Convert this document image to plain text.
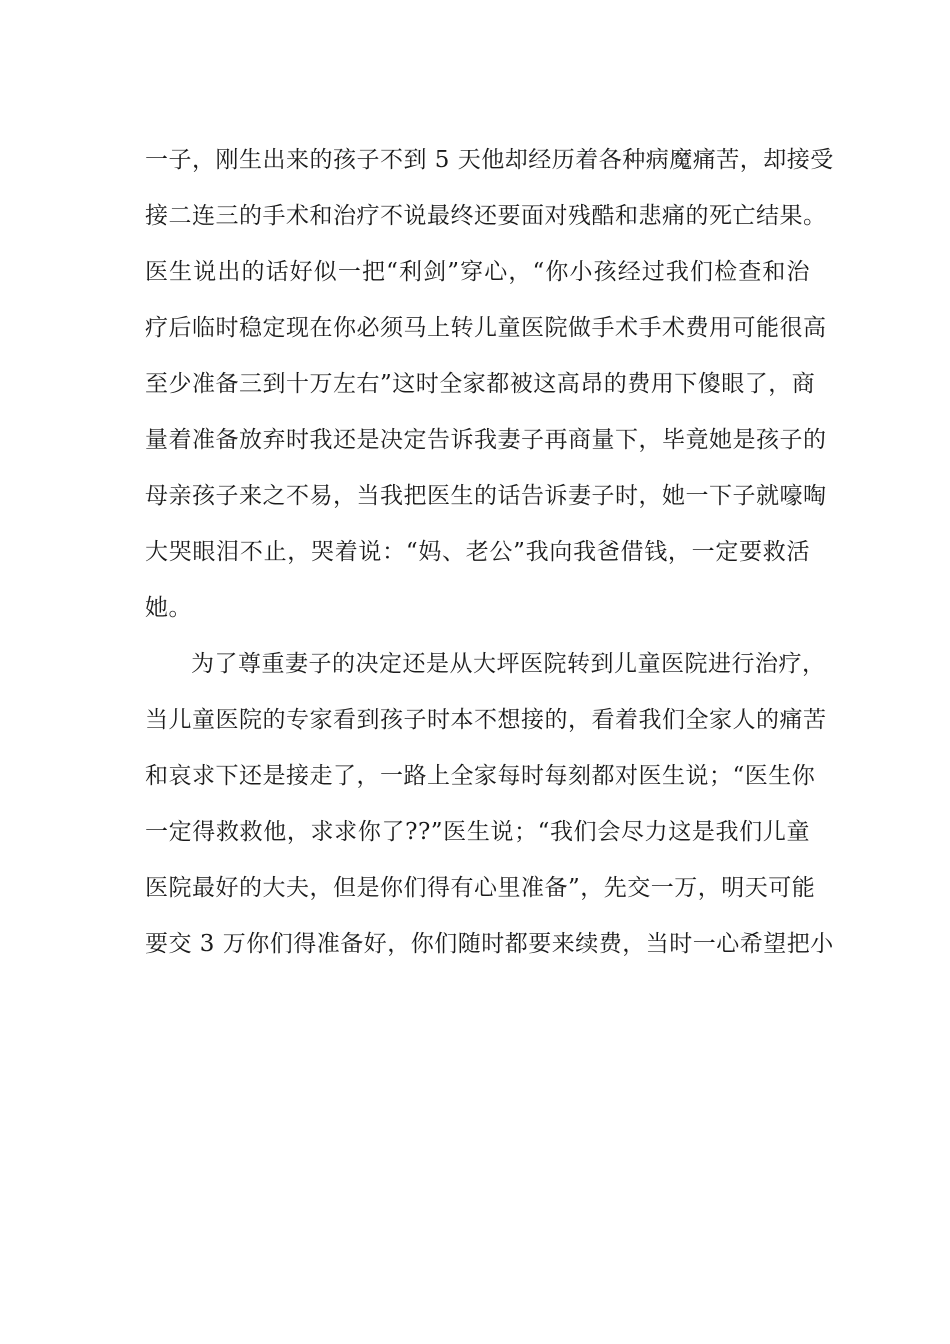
一子，刚生出来的孩子不到 5 天他却经历着各种病魔痛苦，却接受
接二连三的手术和治疗不说最终还要面对残酷和悲痛的死亡结果。
医生说出的话好似一把“利剑”穿心，“你小孩经过我们检查和治
疗后临时稳定现在你必须马上转儿童医院做手术手术费用可能很高
至少准备三到十万左右”这时全家都被这高昂的费用下傻眼了，商
量着准备放弃时我还是决定告诉我妻子再商量下，毕竟她是孩子的
母亲孩子来之不易，当我把医生的话告诉妻子时，她一下子就嚎啕
大哭眼泪不止，哭着说：“妈、老公”我向我爸借钱，一定要救活
她。
为了尊重妻子的决定还是从大坪医院转到儿童医院进行治疗，
当儿童医院的专家看到孩子时本不想接的，看着我们全家人的痛苦
和哀求下还是接走了，一路上全家每时每刻都对医生说；“医生你
一定得救救他，求求你了??”医生说；“我们会尽力这是我们儿童
医院最好的大夫，但是你们得有心里准备”，先交一万，明天可能
要交 3 万你们得准备好，你们随时都要来续费，当时一心希望把小
